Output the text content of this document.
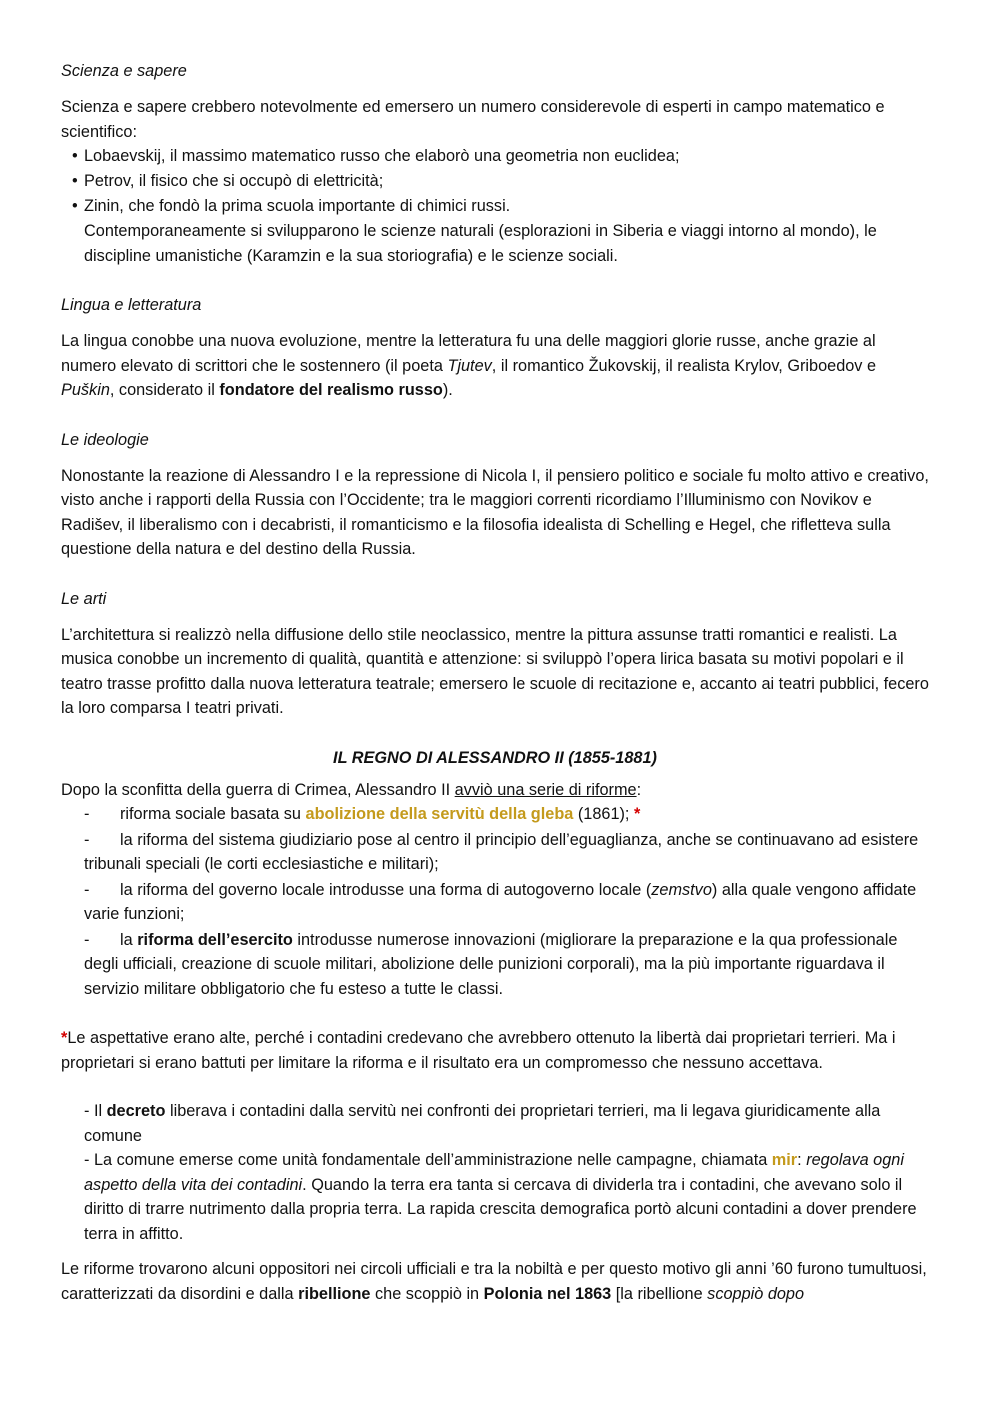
Scienza e sapere

Scienza e sapere crebbero notevolmente ed emersero un numero considerevole di esperti in campo matematico e scientifico:

• Lobaevskij, il massimo matematico russo che elaborò una geometria non euclidea;
• Petrov, il fisico che si occupò di elettricità;
• Zinin, che fondò la prima scuola importante di chimici russi.
Contemporaneamente si svilupparono le scienze naturali (esplorazioni in Siberia e viaggi intorno al mondo), le discipline umanistiche (Karamzin e la sua storiografia) e le scienze sociali.

Lingua e letteratura

La lingua conobbe una nuova evoluzione, mentre la letteratura fu una delle maggiori glorie russe, anche grazie al numero elevato di scrittori che le sostennero (il poeta Tjutev, il romantico Žukovskij, il realista Krylov, Griboedov e Puškin, considerato il fondatore del realismo russo).

Le ideologie

Nonostante la reazione di Alessandro I e la repressione di Nicola I, il pensiero politico e sociale fu molto attivo e creativo, visto anche i rapporti della Russia con l’Occidente; tra le maggiori correnti ricordiamo l’Illuminismo con Novikov e Radišev, il liberalismo con i decabristi, il romanticismo e la filosofia idealista di Schelling e Hegel, che rifletteva sulla questione della natura e del destino della Russia.

Le arti

L’architettura si realizzò nella diffusione dello stile neoclassico, mentre la pittura assunse tratti romantici e realisti. La musica conobbe un incremento di qualità, quantità e attenzione: si sviluppò l’opera lirica basata su motivi popolari e il teatro trasse profitto dalla nuova letteratura teatrale; emersero le scuole di recitazione e, accanto ai teatri pubblici, fecero la loro comparsa I teatri privati.

IL REGNO DI ALESSANDRO II (1855-1881)

Dopo la sconfitta della guerra di Crimea, Alessandro II avviò una serie di riforme:

- riforma sociale basata su abolizione della servitù della gleba (1861); *
- la riforma del sistema giudiziario pose al centro il principio dell’eguaglianza, anche se continuavano ad esistere tribunali speciali (le corti ecclesiastiche e militari);
- la riforma del governo locale introdusse una forma di autogoverno locale (zemstvo) alla quale vengono affidate varie funzioni;
- la riforma dell’esercito introdusse numerose innovazioni (migliorare la preparazione e la qua professionale degli ufficiali, creazione di scuole militari, abolizione delle punizioni corporali), ma la più importante riguardava il servizio militare obbligatorio che fu esteso a tutte le classi.

*Le aspettative erano alte, perché i contadini credevano che avrebbero ottenuto la libertà dai proprietari terrieri. Ma i proprietari si erano battuti per limitare la riforma e il risultato era un compromesso che nessuno accettava.

- Il decreto liberava i contadini dalla servitù nei confronti dei proprietari terrieri, ma li legava giuridicamente alla comune
- La comune emerse come unità fondamentale dell’amministrazione nelle campagne, chiamata mir: regolava ogni aspetto della vita dei contadini. Quando la terra era tanta si cercava di dividerla tra i contadini, che avevano solo il diritto di trarre nutrimento dalla propria terra. La rapida crescita demografica portò alcuni contadini a dover prendere terra in affitto.

Le riforme trovarono alcuni oppositori nei circoli ufficiali e tra la nobiltà e per questo motivo gli anni ’60 furono tumultuosi, caratterizzati da disordini e dalla ribellione che scoppiò in Polonia nel 1863 [la ribellione scoppiò dopo
